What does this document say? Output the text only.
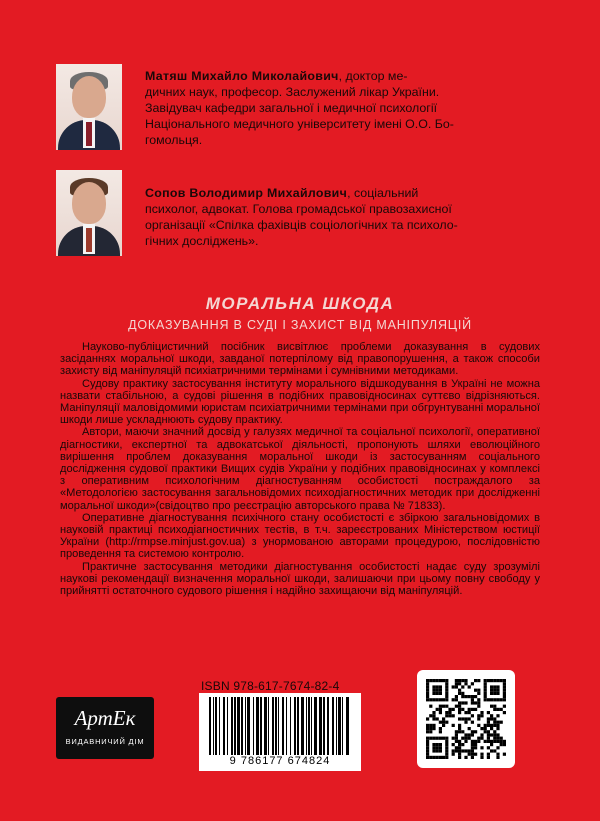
Матяш Михайло Миколайович, доктор ме-
дичних наук, професор. Заслужений лікар України.
Завідувач кафедри загальної і медичної психології
Національного медичного університету імені О.О. Бо-
гомольця.
Сопов Володимир Михайлович, соціальний
психолог, адвокат. Голова громадської правозахисної
організації «Спілка фахівців соціологічних та психоло-
гічних досліджень».
МОРАЛЬНА ШКОДА
ДОКАЗУВАННЯ В СУДІ І ЗАХИСТ ВІД МАНІПУЛЯЦІЙ

Науково-публіцистичний посібник висвітлює проблеми доказування в судових засіданнях моральної шкоди, завданої потерпілому від правопорушення, а також способи захисту від маніпуляцій психіатричними термінами і сумнівними методиками.

Судову практику застосування інституту морального відшкодування в Україні не можна назвати стабільною, а судові рішення в подібних правовідносинах суттєво відрізняються. Маніпуляції маловідомими юристам психіатричними термінами при обгрунтуванні моральної шкоди лише ускладнюють судову практику.

Автори, маючи значний досвід у галузях медичної та соціальної психології, оперативної діагностики, експертної та адвокатської діяльності, пропонують шляхи еволюційного вирішення проблем доказування моральної шкоди із застосуванням соціального дослідження судової практики Вищих судів України у подібних правовідносинах у комплексі з оперативним психологічним діагностуванням особистості постраждалого за «Методологією застосування загальновідомих психодіагностичних методик при дослідженні моральної шкоди»(свідоцтво про реєстрацію авторського права № 71833).

Оперативне діагностування психічного стану особистості є збіркою загальновідомих в науковій практиці психодіагностичних тестів, в т.ч. зареєстрованих Міністерством юстиції України (http://rmpse.minjust.gov.ua) з унормованою авторами процедурою, послідовністю проведення та системою контролю.

Практичне застосування методики діагностування особистості надає суду зрозумілі наукові рекомендації визначення моральної шкоди, залишаючи при цьому повну свободу у прийнятті остаточного судового рішення і надійно захищаючи від маніпуляцій.

АртЕк
ВИДАВНИЧИЙ ДІМ
ISBN 978-617-7674-82-4
9 786177 674824
